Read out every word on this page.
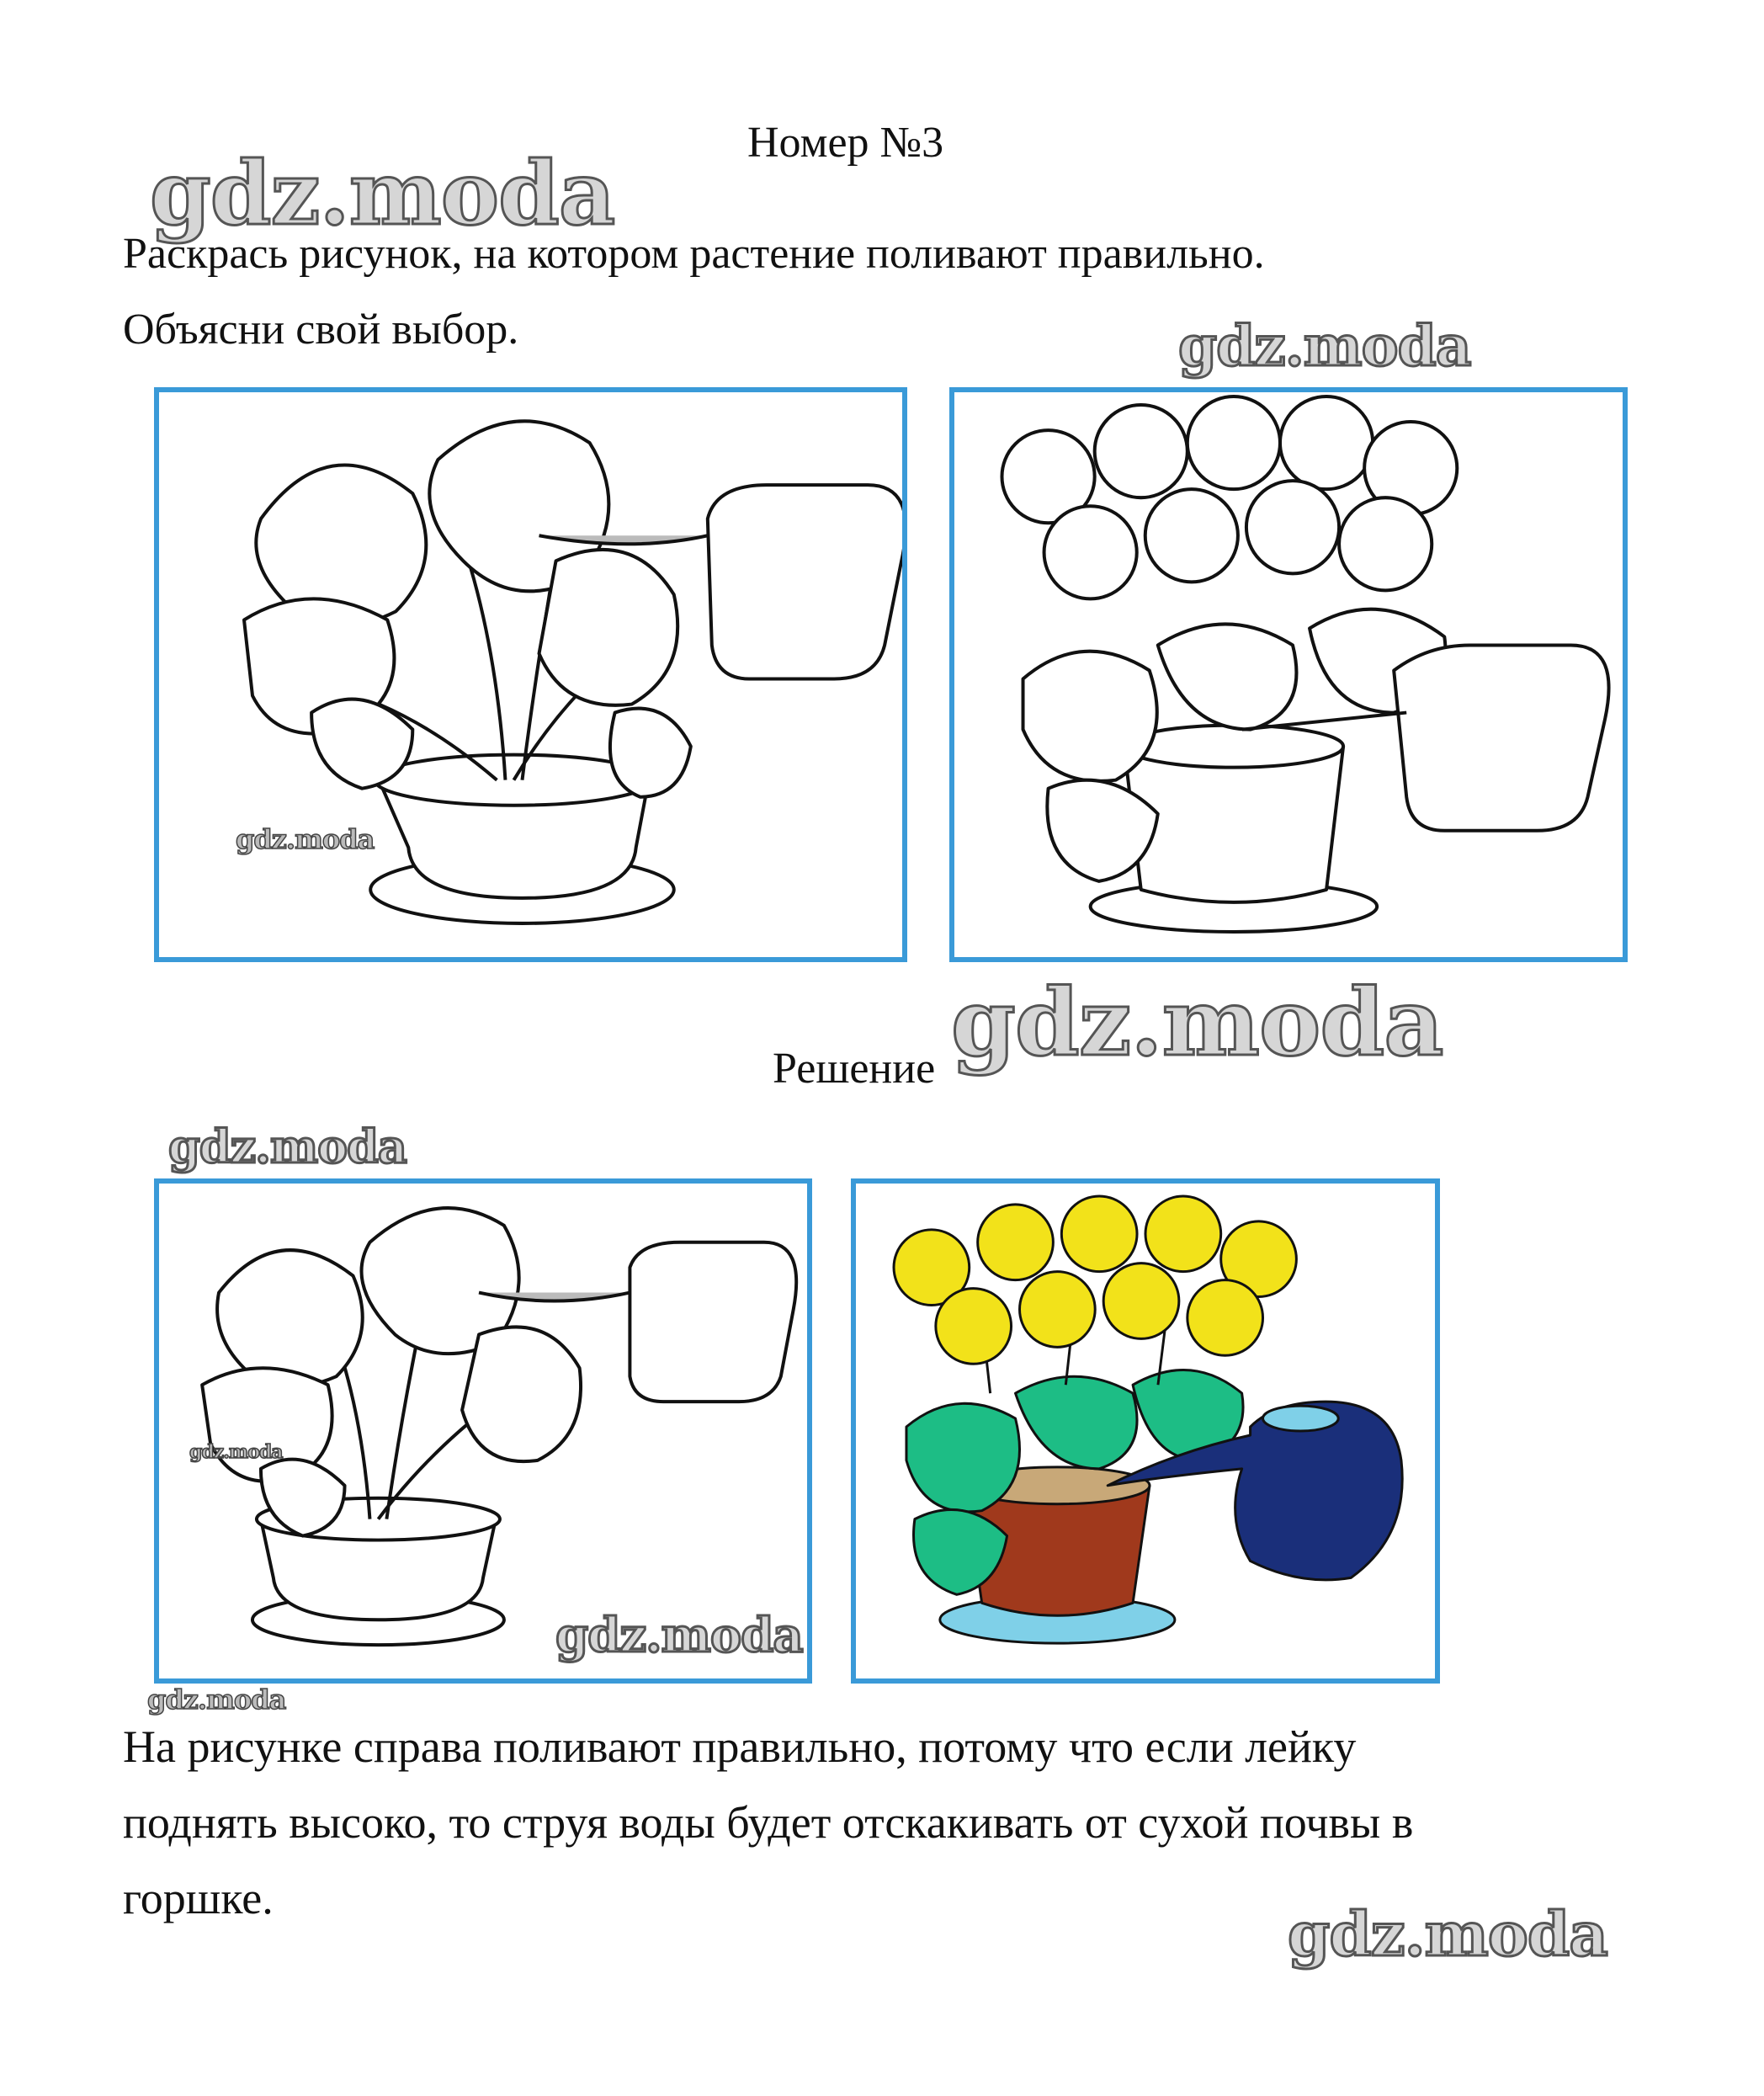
Номер №3
Раскрась рисунок, на котором растение поливают правильно.
Объясни свой выбор.
Решение
На рисунке справа поливают правильно, потому что если лейку
поднять высоко, то струя воды будет отскакивать от сухой почвы в
горшке.
gdz.moda
gdz.moda
gdz.moda
gdz.moda
gdz.moda
gdz.moda
gdz.moda
gdz.moda
gdz.moda
